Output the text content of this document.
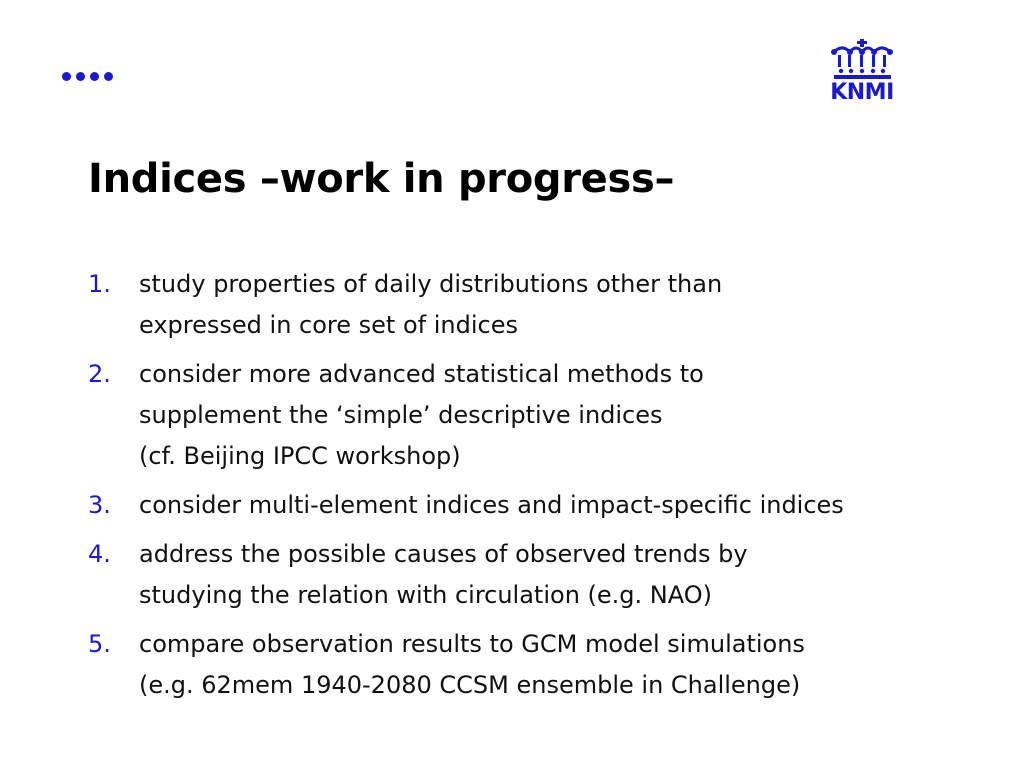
KNMI
Indices –work in progress–
1.	study properties of daily distributions other than
expressed in core set of indices
2.	consider more advanced statistical methods to
supplement the ‘simple’ descriptive indices
(cf. Beijing IPCC workshop)
3.	consider multi-element indices and impact-specific indices
4.	address the possible causes of observed trends by
studying the relation with circulation (e.g. NAO)
5.	compare observation results to GCM model simulations
(e.g. 62mem 1940-2080 CCSM ensemble in Challenge)
